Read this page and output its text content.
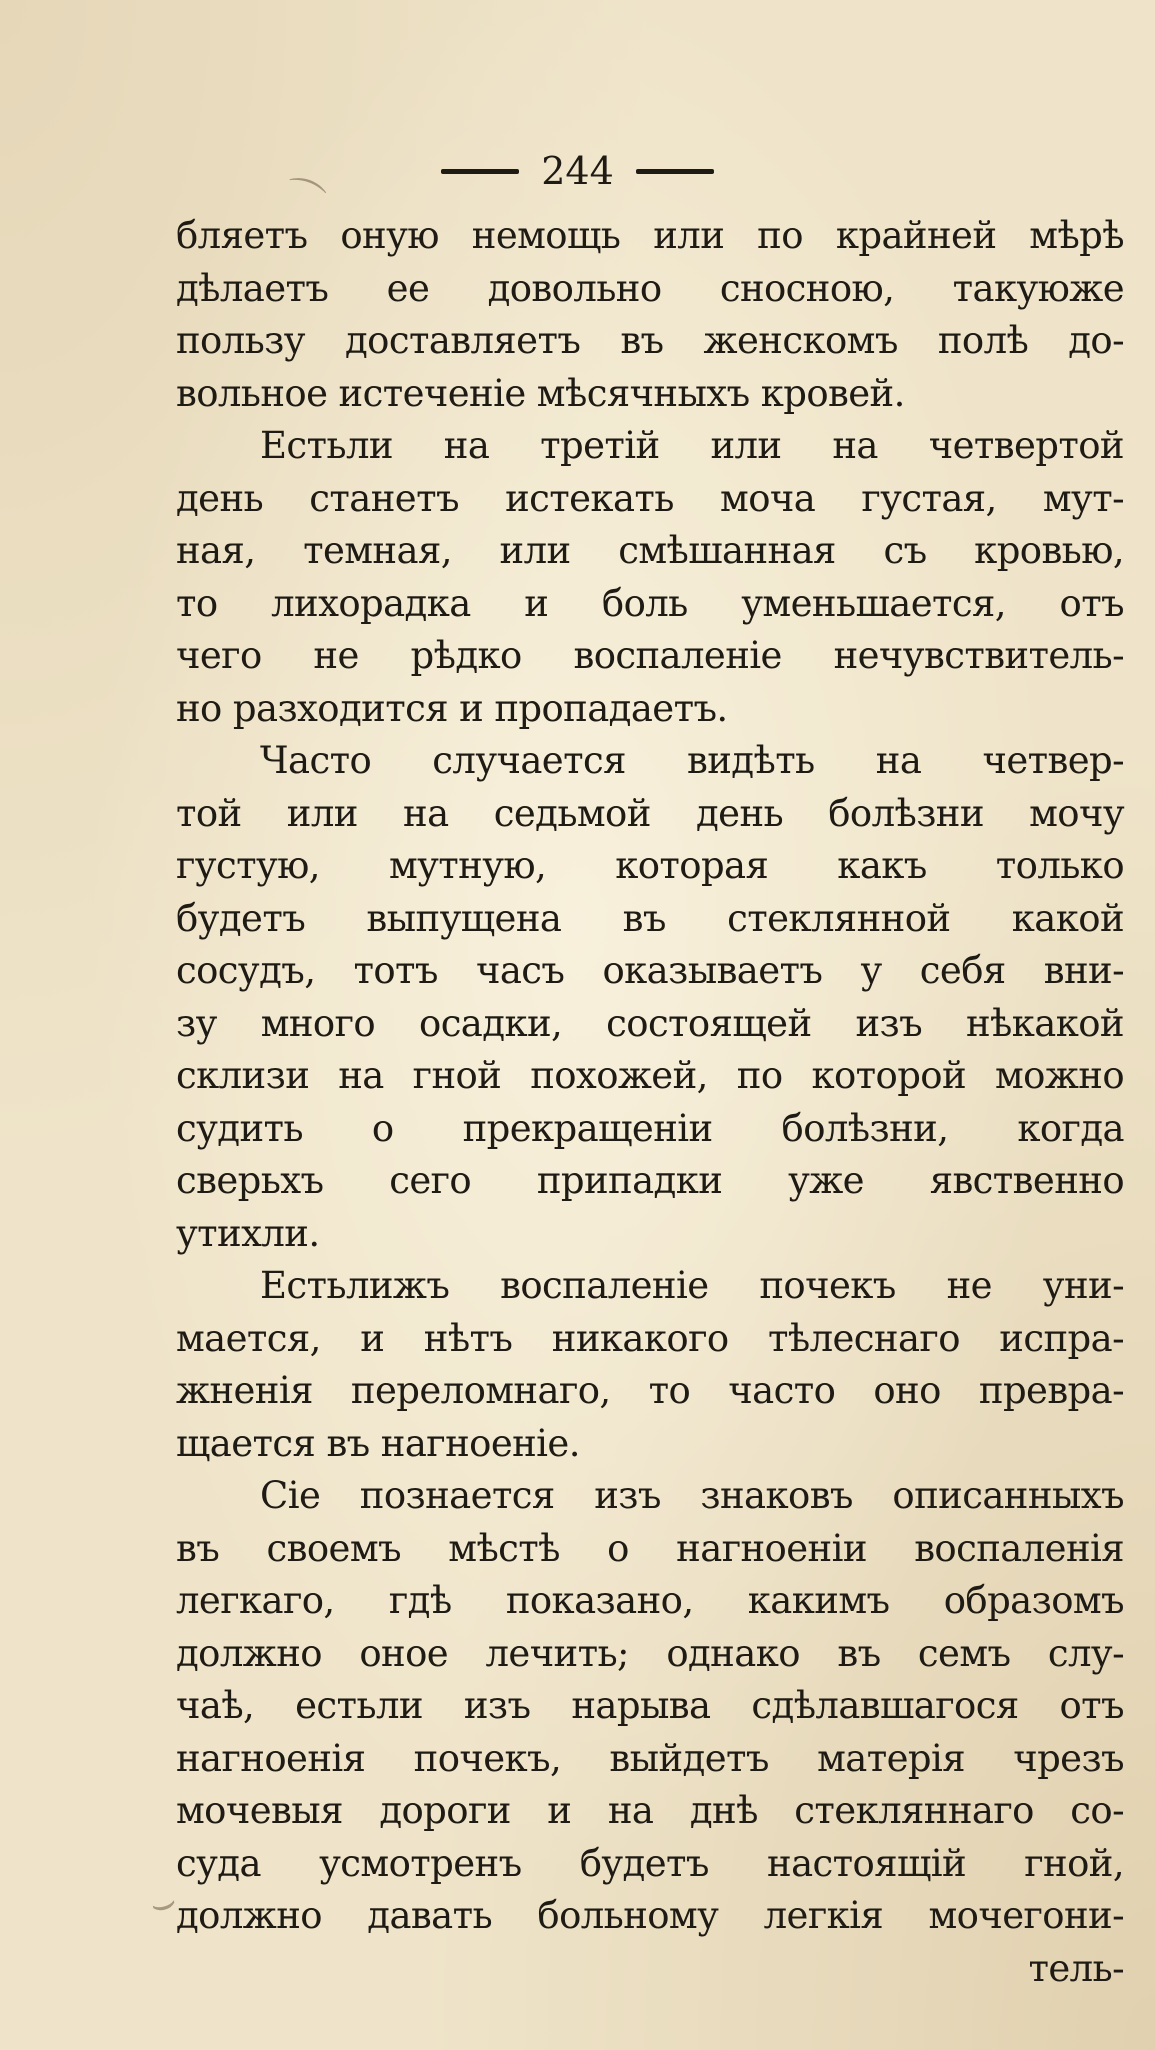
244
бляетъ оную немощь или по крайней мѣрѣ
дѣлаетъ ее довольно сносною, такуюже
пользу доставляетъ въ женскомъ полѣ до-
вольное истеченіе мѣсячныхъ кровей.
Естьли на третій или на четвертой
день станетъ истекать моча густая, мут-
ная, темная, или смѣшанная съ кровью,
то лихорадка и боль уменьшается, отъ
чего не рѣдко воспаленіе нечувствитель-
но разходится и пропадаетъ.
Часто случается видѣть на четвер-
той или на седьмой день болѣзни мочу
густую, мутную, которая какъ только
будетъ выпущена въ стеклянной какой
сосудъ, тотъ часъ оказываетъ у себя вни-
зу много осадки, состоящей изъ нѣкакой
склизи на гной похожей, по которой можно
судить о прекращеніи болѣзни, когда
сверьхъ сего припадки уже явственно
утихли.
Естьлижъ воспаленіе почекъ не уни-
мается, и нѣтъ никакого тѣлеснаго испра-
жненія переломнаго, то часто оно превра-
щается въ нагноеніе.
Сіе познается изъ знаковъ описанныхъ
въ своемъ мѣстѣ о нагноеніи воспаленія
легкаго, гдѣ показано, какимъ образомъ
должно оное лечить; однако въ семъ слу-
чаѣ, естьли изъ нарыва сдѣлавшагося отъ
нагноенія почекъ, выйдетъ матерія чрезъ
мочевыя дороги и на днѣ стекляннаго со-
суда усмотренъ будетъ настоящій гной,
должно давать больному легкія мочегони-
тель-
⌒
⌣
